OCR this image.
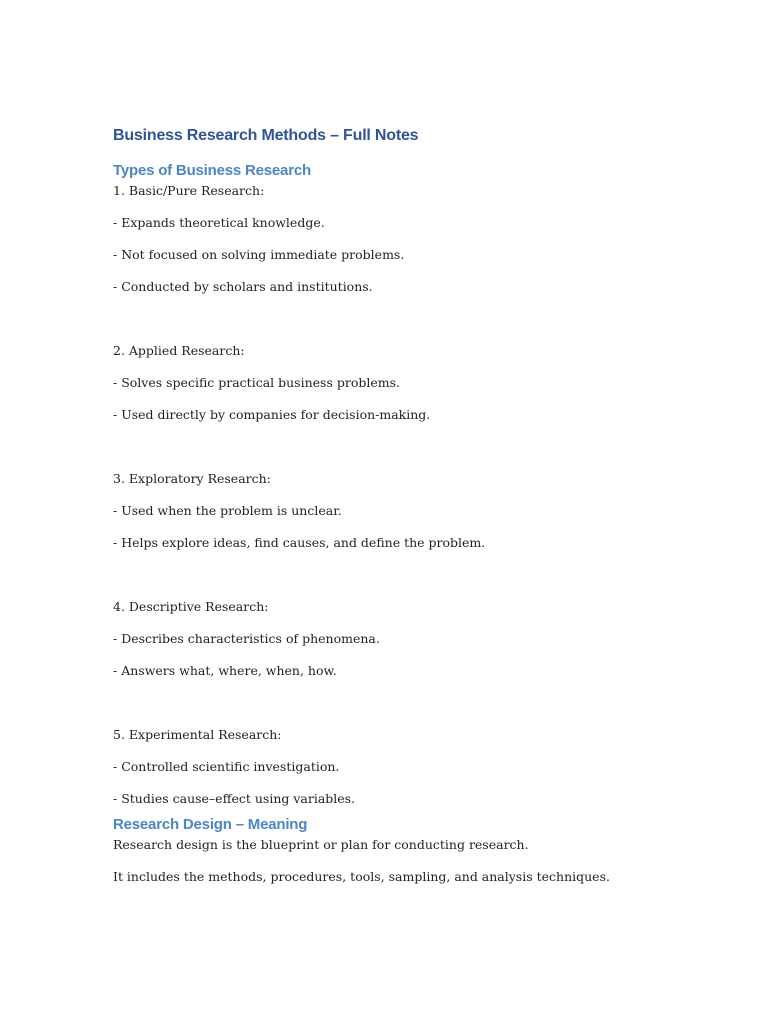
Business Research Methods – Full Notes
Types of Business Research

1. Basic/Pure Research:

- Expands theoretical knowledge.

- Not focused on solving immediate problems.

- Conducted by scholars and institutions.

2. Applied Research:

- Solves specific practical business problems.

- Used directly by companies for decision-making.

3. Exploratory Research:

- Used when the problem is unclear.

- Helps explore ideas, find causes, and define the problem.

4. Descriptive Research:

- Describes characteristics of phenomena.

- Answers what, where, when, how.

5. Experimental Research:

- Controlled scientific investigation.

- Studies cause–effect using variables.

Research Design – Meaning

Research design is the blueprint or plan for conducting research.

It includes the methods, procedures, tools, sampling, and analysis techniques.
